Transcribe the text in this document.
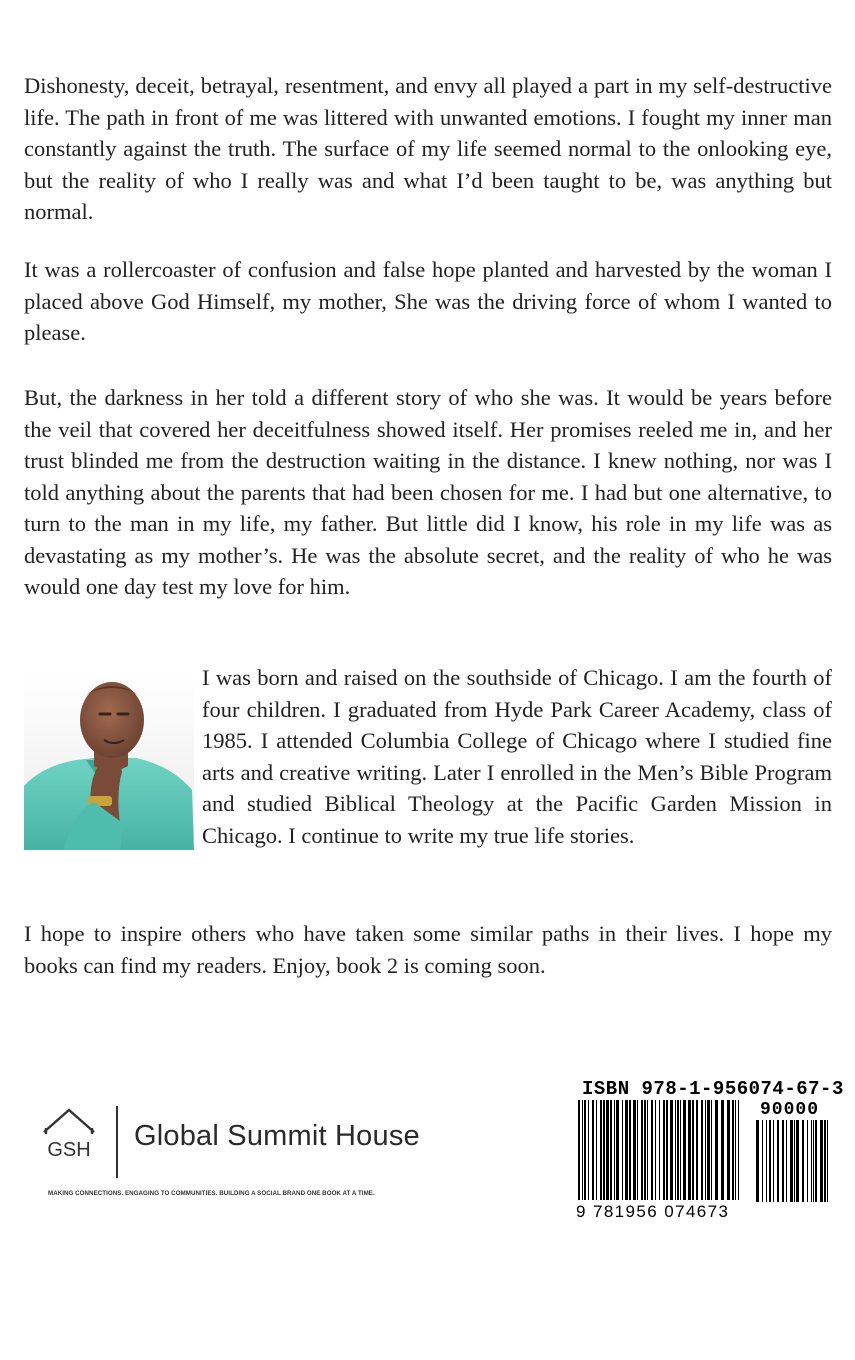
Dishonesty, deceit, betrayal, resentment, and envy all played a part in my self-destructive life. The path in front of me was littered with unwanted emotions. I fought my inner man constantly against the truth. The surface of my life seemed normal to the onlooking eye, but the reality of who I really was and what I’d been taught to be, was anything but normal.

It was a rollercoaster of confusion and false hope planted and harvested by the woman I placed above God Himself, my mother, She was the driving force of whom I wanted to please.

But, the darkness in her told a different story of who she was. It would be years before the veil that covered her deceitfulness showed itself. Her promises reeled me in, and her trust blinded me from the destruction waiting in the distance. I knew nothing, nor was I told anything about the parents that had been chosen for me. I had but one alternative, to turn to the man in my life, my father. But little did I know, his role in my life was as devastating as my mother’s. He was the absolute secret, and the reality of who he was would one day test my love for him.

I was born and raised on the southside of Chicago. I am the fourth of four children. I graduated from Hyde Park Career Academy, class of 1985. I attended Columbia College of Chicago where I studied fine arts and creative writing. Later I enrolled in the Men’s Bible Program and studied Biblical Theology at the Pacific Garden Mission in Chicago. I continue to write my true life stories.

I hope to inspire others who have taken some similar paths in their lives. I hope my books can find my readers. Enjoy, book 2 is coming soon.

GSH Global Summit House
MAKING CONNECTIONS. ENGAGING TO COMMUNITIES. BUILDING A SOCIAL BRAND ONE BOOK AT A TIME.
ISBN 978-1-956074-67-3
90000
9 781956 074673
